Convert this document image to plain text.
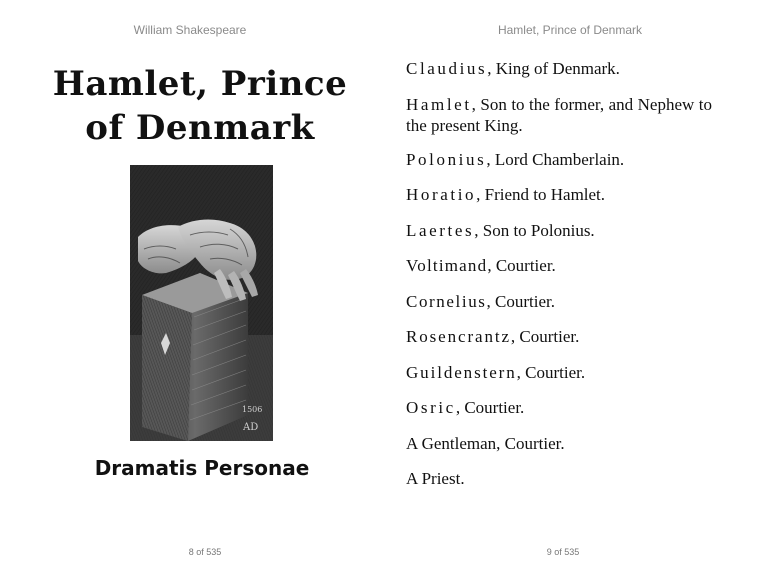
William Shakespeare
Hamlet, Prince
of Denmark
1506
AD
Dramatis Personae
8 of 535
Hamlet, Prince of Denmark
Claudius, King of Denmark.
Hamlet, Son to the former, and Nephew to the present King.
Polonius, Lord Chamberlain.
Horatio, Friend to Hamlet.
Laertes, Son to Polonius.
Voltimand, Courtier.
Cornelius, Courtier.
Rosencrantz, Courtier.
Guildenstern, Courtier.
Osric, Courtier.
A Gentleman, Courtier.
A Priest.
9 of 535
